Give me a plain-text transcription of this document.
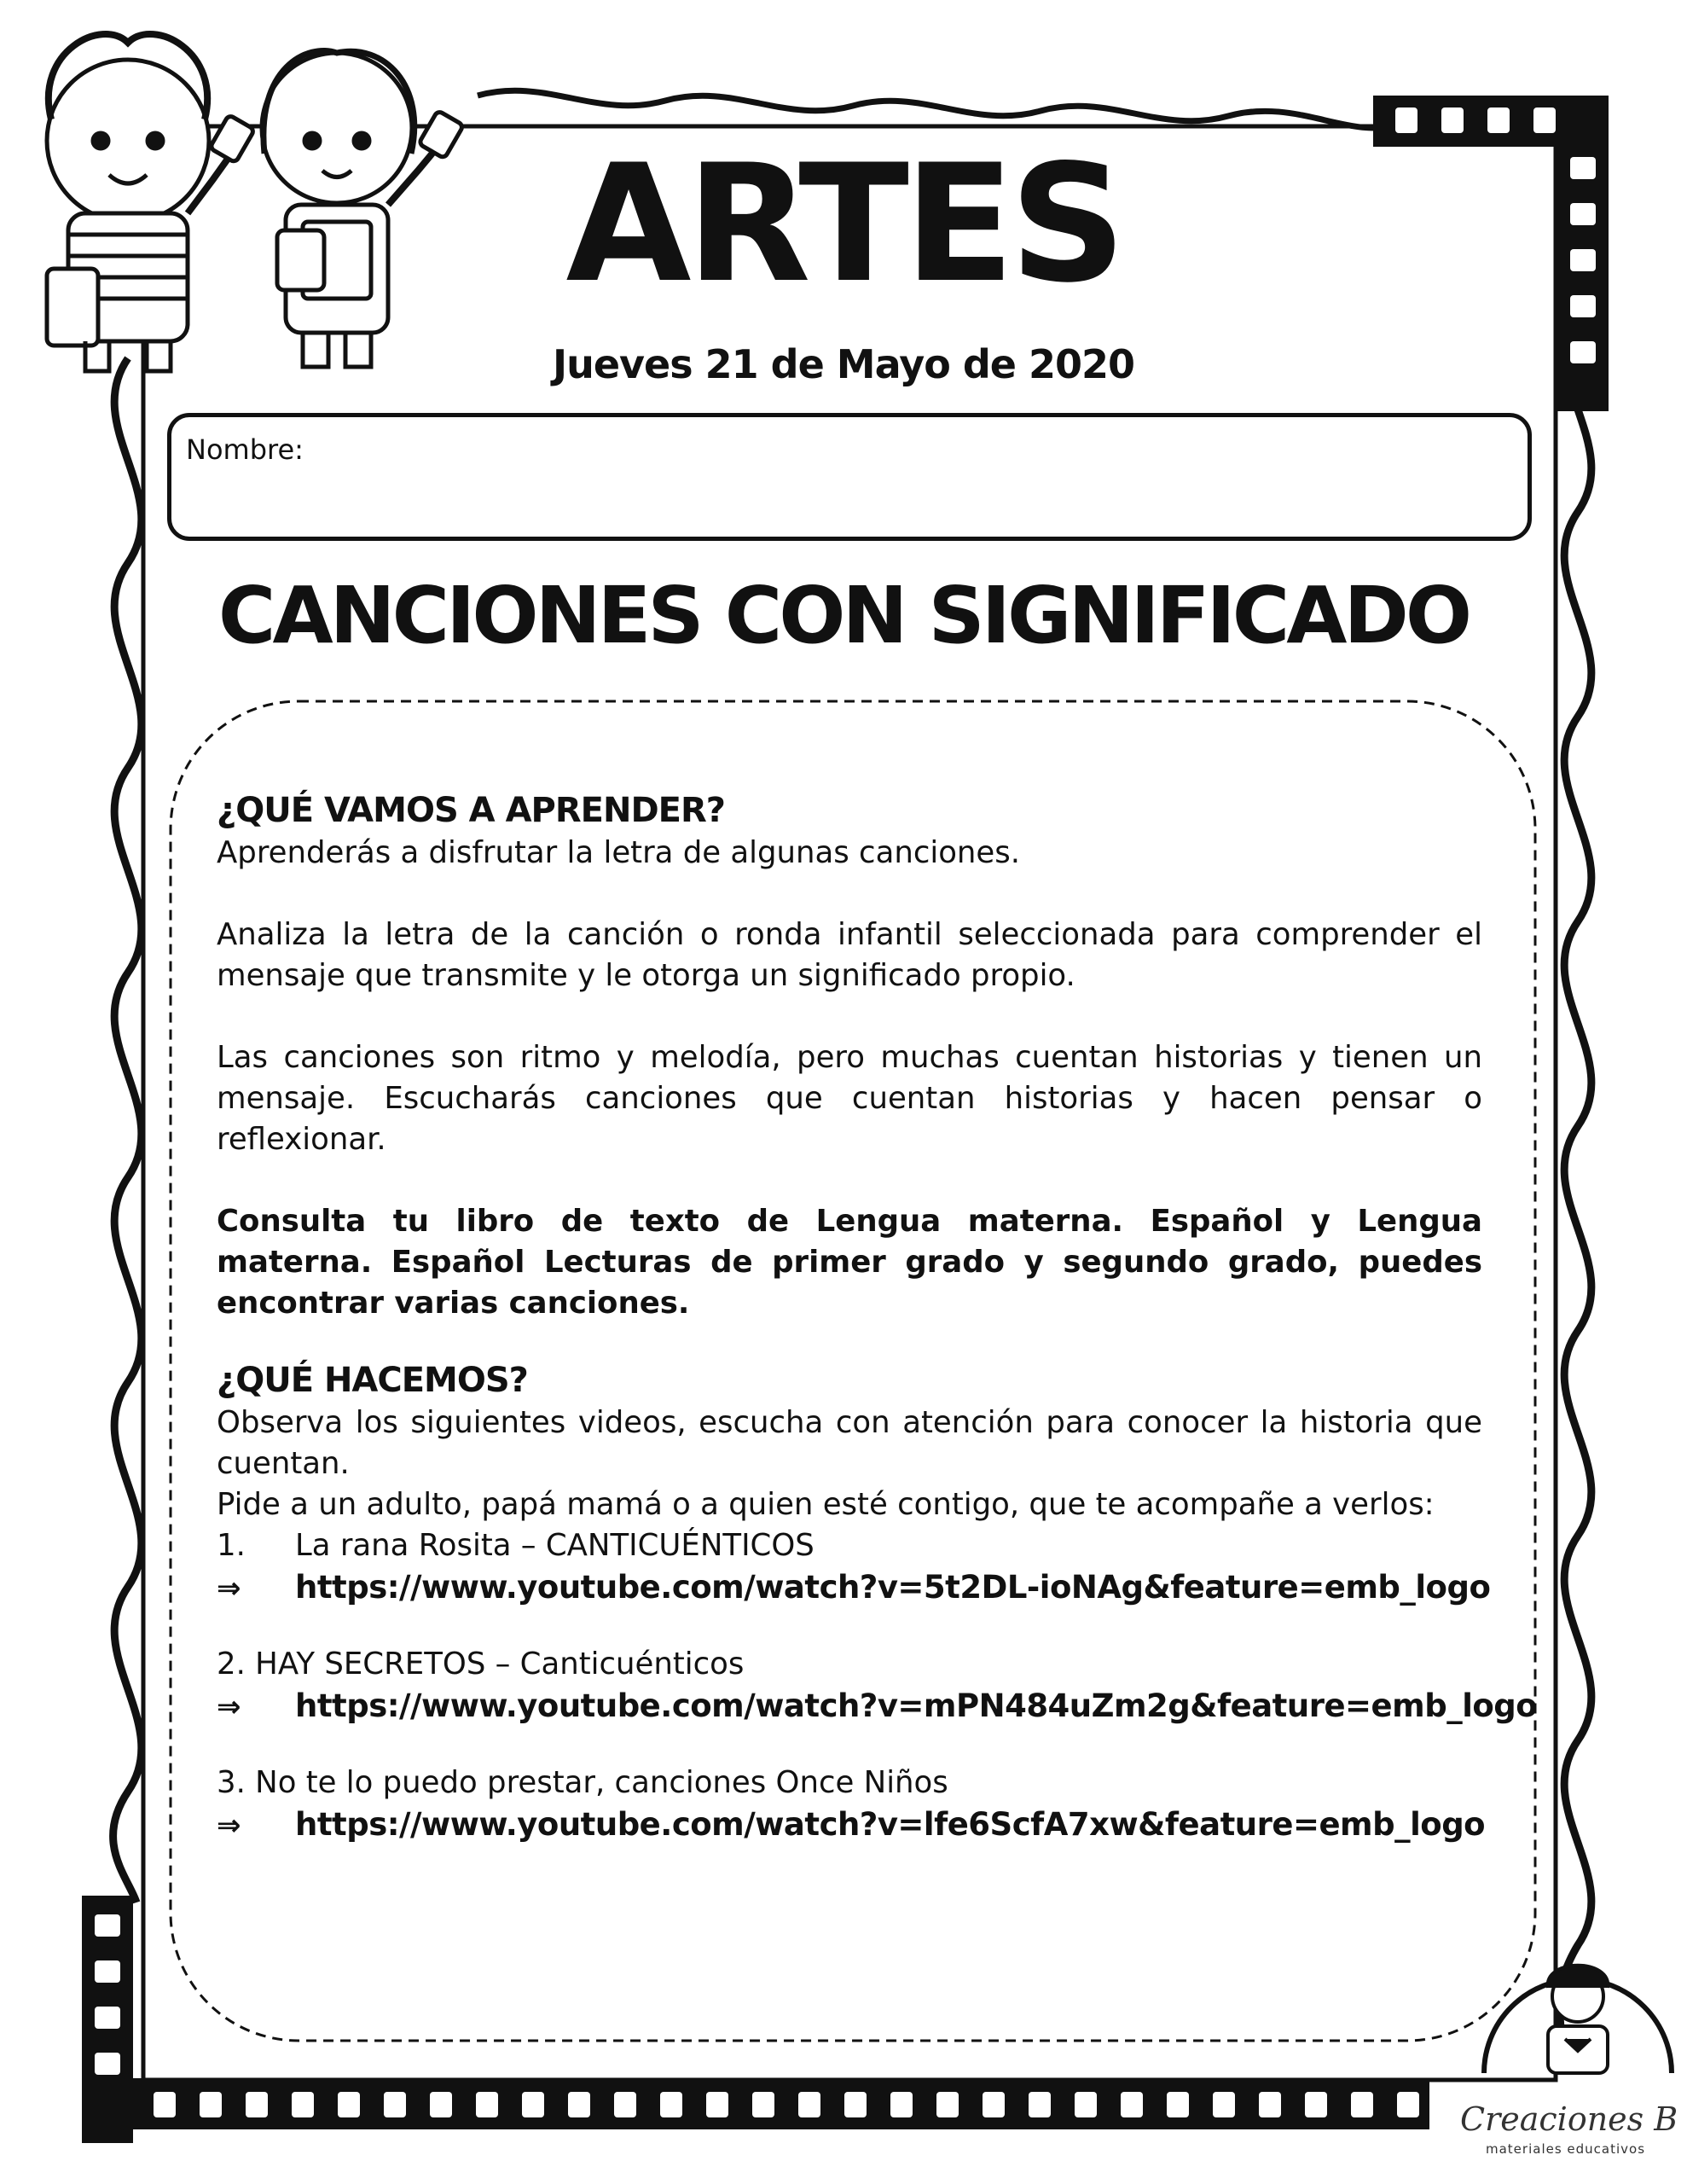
ARTES
Jueves 21 de Mayo de 2020
Nombre:
CANCIONES CON SIGNIFICADO

¿QUÉ VAMOS A APRENDER?

Aprenderás a disfrutar la letra de algunas canciones.

Analiza la letra de la canción o ronda infantil seleccionada para comprender el mensaje que transmite y le otorga un significado propio.

Las canciones son ritmo y melodía, pero muchas cuentan historias y tienen un mensaje. Escucharás canciones que cuentan historias y hacen pensar o reflexionar.

Consulta tu libro de texto de Lengua materna. Español y Lengua materna. Español Lecturas de primer grado y segundo grado, puedes encontrar varias canciones.

¿QUÉ HACEMOS?

Observa los siguientes videos, escucha con atención para conocer la historia que cuentan.

Pide a un adulto, papá mamá o a quien esté contigo, que te acompañe a verlos:

1. La rana Rosita – CANTICUÉNTICOS
⇒ https://www.youtube.com/watch?v=5t2DL-ioNAg&feature=emb_logo
2. HAY SECRETOS – Canticuénticos
⇒ https://www.youtube.com/watch?v=mPN484uZm2g&feature=emb_logo
3. No te lo puedo prestar, canciones Once Niños
⇒ https://www.youtube.com/watch?v=lfe6ScfA7xw&feature=emb_logo
Creaciones B
materiales educativos
